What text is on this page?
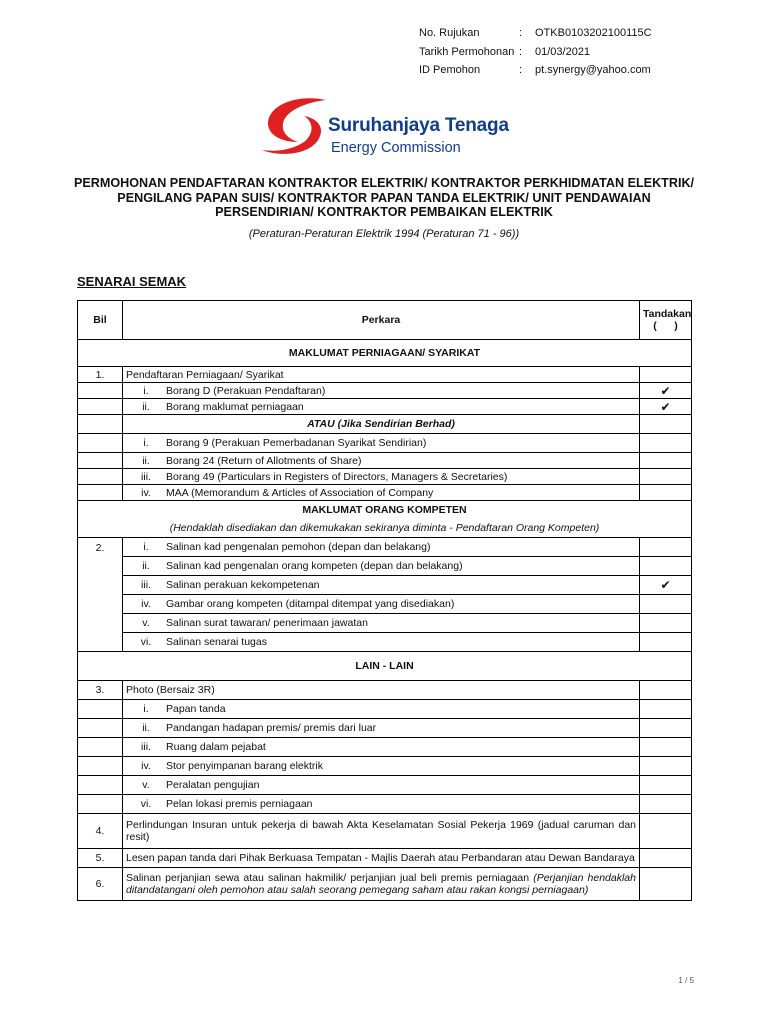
No. Rujukan	:	OTKB0103202100115C
Tarikh Permohonan :	01/03/2021
ID Pemohon	:	pt.synergy@yahoo.com
Suruhanjaya Tenaga
Energy Commission
PERMOHONAN PENDAFTARAN KONTRAKTOR ELEKTRIK/ KONTRAKTOR PERKHIDMATAN ELEKTRIK/
PENGILANG PAPAN SUIS/ KONTRAKTOR PAPAN TANDA ELEKTRIK/ UNIT PENDAWAIAN
PERSENDIRIAN/ KONTRAKTOR PEMBAIKAN ELEKTRIK
(Peraturan-Peraturan Elektrik 1994 (Peraturan 71 - 96))
SENARAI SEMAK
Bil	Perkara	Tandakan
(      )

MAKLUMAT PERNIAGAAN/ SYARIKAT		
1.	Pendaftaran Perniagaan/ Syarikat	
	i. Borang D (Perakuan Pendaftaran)	✔
	ii. Borang maklumat perniagaan	✔
	ATAU (Jika Sendirian Berhad)	
	i. Borang 9 (Perakuan Pemerbadanan Syarikat Sendirian)	
	ii. Borang 24 (Return of Allotments of Share)	
	iii. Borang 49 (Particulars in Registers of Directors, Managers & Secretaries)	
	iv. MAA (Memorandum & Articles of Association of Company	

MAKLUMAT ORANG KOMPETEN
(Hendaklah disediakan dan dikemukakan sekiranya diminta - Pendaftaran Orang Kompeten)		

2.	i. Salinan kad pengenalan pemohon (depan dan belakang)	
	ii. Salinan kad pengenalan orang kompeten (depan dan belakang)	
	iii. Salinan perakuan kekompetenan	✔
	iv. Gambar orang kompeten (ditampal ditempat yang disediakan)	
	v. Salinan surat tawaran/ penerimaan jawatan	
	vi. Salinan senarai tugas	
LAIN - LAIN		
3.	Photo (Bersaiz 3R)	
	i. Papan tanda	
	ii. Pandangan hadapan premis/ premis dari luar	
	iii. Ruang dalam pejabat	
	iv. Stor penyimpanan barang elektrik	
	v. Peralatan pengujian	
	vi. Pelan lokasi premis perniagaan	
4.	Perlindungan Insuran untuk pekerja di bawah Akta Keselamatan Sosial Pekerja 1969 (jadual caruman dan resit)	
5.	Lesen papan tanda dari Pihak Berkuasa Tempatan - Majlis Daerah atau Perbandaran atau Dewan Bandaraya	
6.	Salinan perjanjian sewa atau salinan hakmilik/ perjanjian jual beli premis perniagaan (Perjanjian hendaklah ditandatangani oleh pemohon atau salah seorang pemegang saham atau rakan kongsi perniagaan)	
1 / 5
